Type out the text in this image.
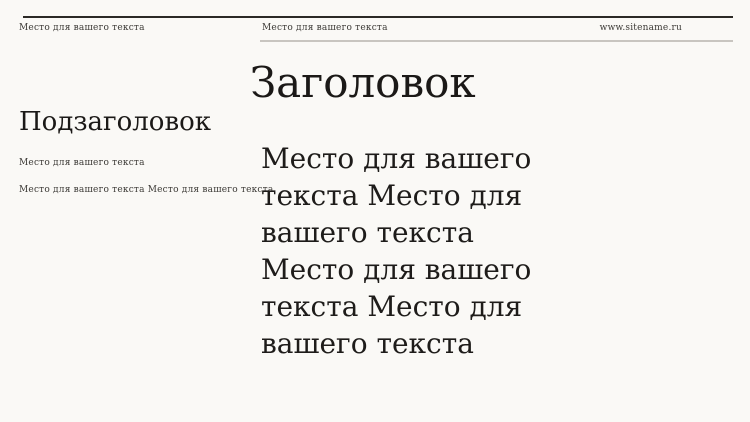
Место для вашего текста	Место для вашего текста	www.sitename.ru
Заголовок
Подзаголовок
Место для вашего текста
Место для вашего текста Место для вашего текста
Место для вашего
текста Место для
вашего текста
Место для вашего
текста Место для
вашего текста
